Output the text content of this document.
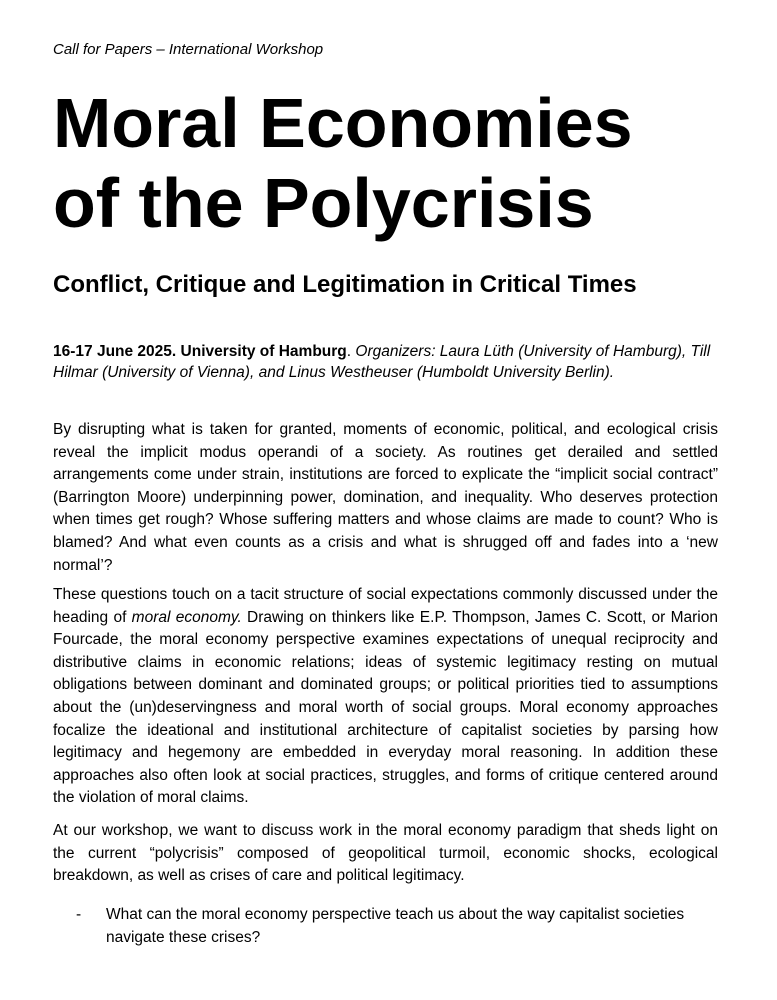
Call for Papers – International Workshop
Moral Economies
of the Polycrisis
Conflict, Critique and Legitimation in Critical Times

16-17 June 2025. University of Hamburg. Organizers: Laura Lüth (University of Hamburg), Till Hilmar (University of Vienna), and Linus Westheuser (Humboldt University Berlin).

By disrupting what is taken for granted, moments of economic, political, and ecological crisis reveal the implicit modus operandi of a society. As routines get derailed and settled arrangements come under strain, institutions are forced to explicate the “implicit social contract” (Barrington Moore) underpinning power, domination, and inequality. Who deserves protection when times get rough? Whose suffering matters and whose claims are made to count? Who is blamed? And what even counts as a crisis and what is shrugged off and fades into a ‘new normal’?

These questions touch on a tacit structure of social expectations commonly discussed under the heading of moral economy. Drawing on thinkers like E.P. Thompson, James C. Scott, or Marion Fourcade, the moral economy perspective examines expectations of unequal reciprocity and distributive claims in economic relations; ideas of systemic legitimacy resting on mutual obligations between dominant and dominated groups; or political priorities tied to assumptions about the (un)deservingness and moral worth of social groups. Moral economy approaches focalize the ideational and institutional architecture of capitalist societies by parsing how legitimacy and hegemony are embedded in everyday moral reasoning. In addition these approaches also often look at social practices, struggles, and forms of critique centered around the violation of moral claims.

At our workshop, we want to discuss work in the moral economy paradigm that sheds light on the current “polycrisis” composed of geopolitical turmoil, economic shocks, ecological breakdown, as well as crises of care and political legitimacy.

- What can the moral economy perspective teach us about the way capitalist societies navigate these crises?
